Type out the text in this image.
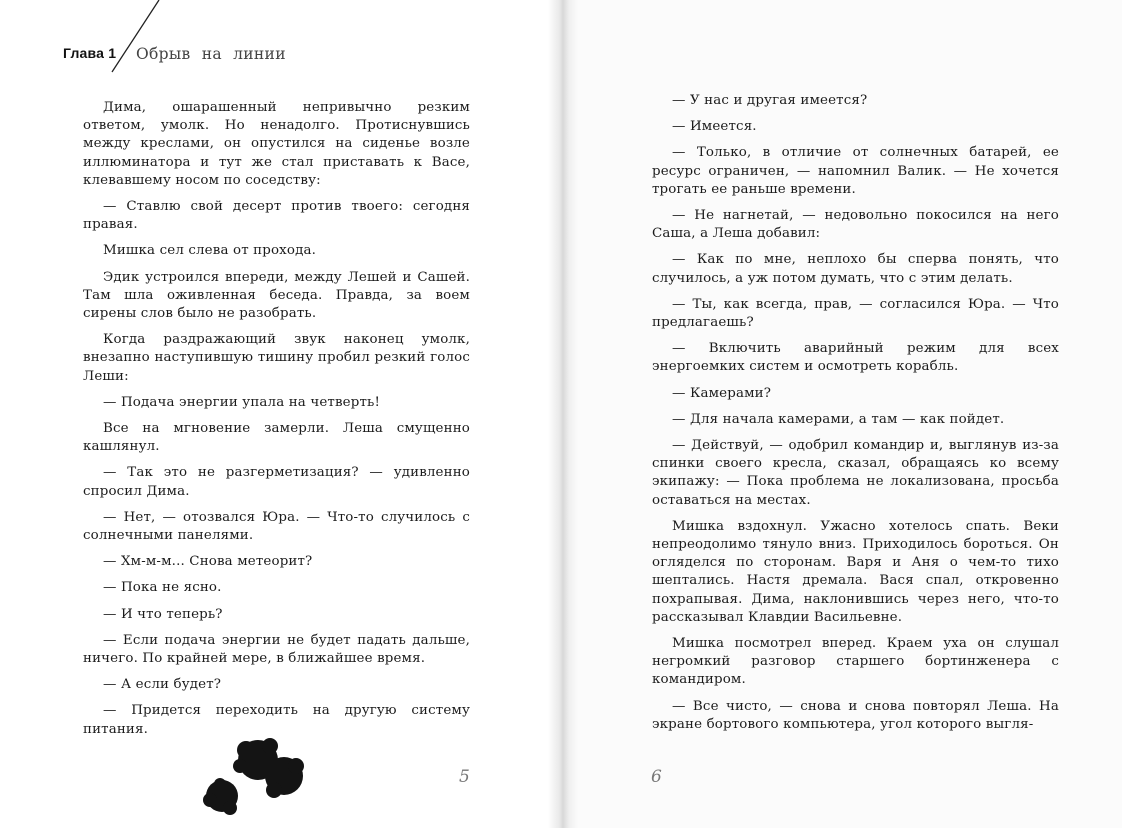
Глава 1 Обрыв на линии

Дима, ошарашенный непривычно резким ответом, умолк. Но ненадолго. Протиснувшись между креслами, он опустился на сиденье возле иллюминатора и тут же стал приставать к Васе, клевавшему носом по соседству:

— Ставлю свой десерт против твоего: сегодня правая.

Мишка сел слева от прохода.

Эдик устроился впереди, между Лешей и Сашей. Там шла оживленная беседа. Правда, за воем сирены слов было не разобрать.

Когда раздражающий звук наконец умолк, внезапно наступившую тишину пробил резкий голос Леши:

— Подача энергии упала на четверть!

Все на мгновение замерли. Леша смущенно кашлянул.

— Так это не разгерметизация? — удивленно спросил Дима.

— Нет, — отозвался Юра. — Что-то случилось с солнечными панелями.

— Хм-м-м... Снова метеорит?

— Пока не ясно.

— И что теперь?

— Если подача энергии не будет падать дальше, ничего. По крайней мере, в ближайшее время.

— А если будет?

— Придется переходить на другую систему питания.

5

— У нас и другая имеется?

— Имеется.

— Только, в отличие от солнечных батарей, ее ресурс ограничен, — напомнил Валик. — Не хочется трогать ее раньше времени.

— Не нагнетай, — недовольно покосился на него Саша, а Леша добавил:

— Как по мне, неплохо бы сперва понять, что случилось, а уж потом думать, что с этим делать.

— Ты, как всегда, прав, — согласился Юра. — Что предлагаешь?

— Включить аварийный режим для всех энергоемких систем и осмотреть корабль.

— Камерами?

— Для начала камерами, а там — как пойдет.

— Действуй, — одобрил командир и, выглянув из-за спинки своего кресла, сказал, обращаясь ко всему экипажу: — Пока проблема не локализована, просьба оставаться на местах.

Мишка вздохнул. Ужасно хотелось спать. Веки непреодолимо тянуло вниз. Приходилось бороться. Он огляделся по сторонам. Варя и Аня о чем-то тихо шептались. Настя дремала. Вася спал, откровенно похрапывая. Дима, наклонившись через него, что-то рассказывал Клавдии Васильевне.

Мишка посмотрел вперед. Краем уха он слушал негромкий разговор старшего бортинженера с командиром.

— Все чисто, — снова и снова повторял Леша. На экране бортового компьютера, угол которого выгля-

6
